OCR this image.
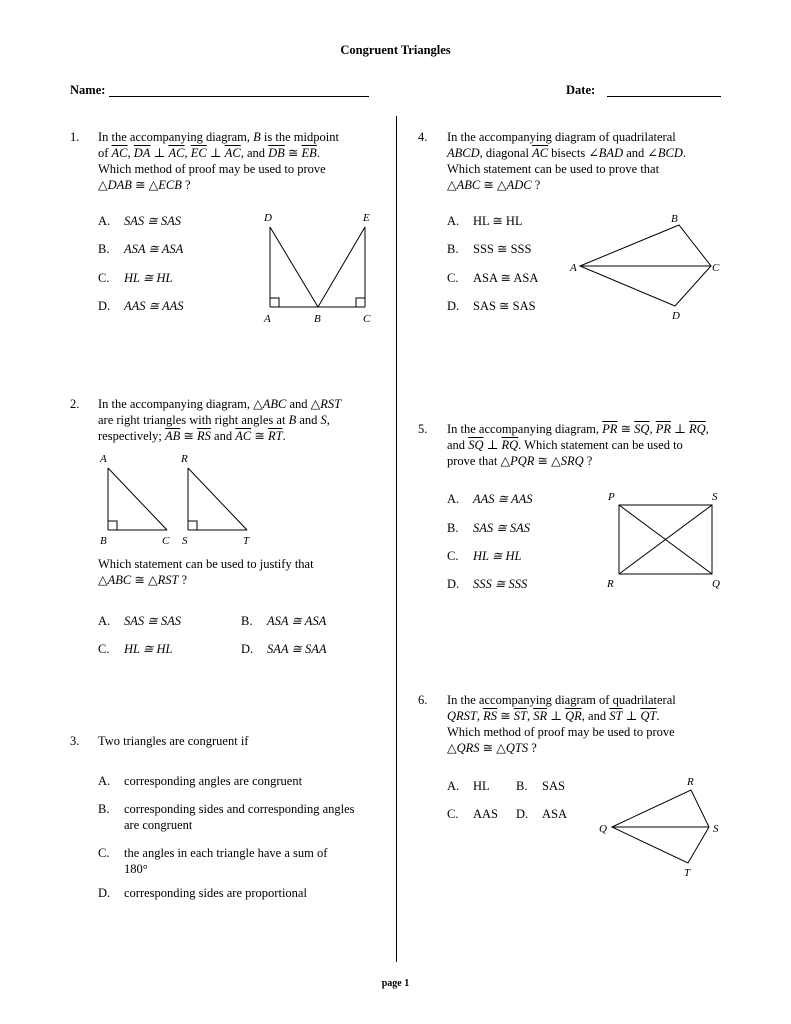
Congruent Triangles
Name:	Date:
1.	In the accompanying diagram, B is the midpoint
of $\overline{AC}$, $\overline{DA}$ ⊥ $\overline{AC}$, $\overline{EC}$ ⊥ $\overline{AC}$, and $\overline{DB}$ ≅ $\overline{EB}$.
Which method of proof may be used to prove
△DAB ≅ △ECB ?
A. SAS ≅ SAS
B. ASA ≅ ASA
C. HL ≅ HL
D. AAS ≅ AAS
D	E
A	B	C
2.	In the accompanying diagram, △ABC and △RST
are right triangles with right angles at B and S,
respectively; $\overline{AB}$ ≅ $\overline{RS}$ and $\overline{AC}$ ≅ $\overline{RT}$.
A	R
B	C S	T
Which statement can be used to justify that
△ABC ≅ △RST ?
A. SAS ≅ SAS	B. ASA ≅ ASA
C. HL ≅ HL	D. SAA ≅ SAA
3.	Two triangles are congruent if
A. corresponding angles are congruent
B. corresponding sides and corresponding angles
are congruent
C. the angles in each triangle have a sum of
180°
D. corresponding sides are proportional
4.	In the accompanying diagram of quadrilateral
ABCD, diagonal $\overline{AC}$ bisects ∠BAD and ∠BCD.
Which statement can be used to prove that
△ABC ≅ △ADC ?
A. HL ≅ HL
B. SSS ≅ SSS
C. ASA ≅ ASA
D. SAS ≅ SAS
A
B
C
D
5.	In the accompanying diagram, $\overline{PR}$ ≅ $\overline{SQ}$, $\overline{PR}$ ⊥ $\overline{RQ}$,
and $\overline{SQ}$ ⊥ $\overline{RQ}$. Which statement can be used to
prove that △PQR ≅ △SRQ ?
A. AAS ≅ AAS
B. SAS ≅ SAS
C. HL ≅ HL
D. SSS ≅ SSS
P	S
R	Q
6.	In the accompanying diagram of quadrilateral
QRST, $\overline{RS}$ ≅ $\overline{ST}$, $\overline{SR}$ ⊥ $\overline{QR}$, and $\overline{ST}$ ⊥ $\overline{QT}$.
Which method of proof may be used to prove
△QRS ≅ △QTS ?
A. HL B. SAS
C. AAS D. ASA
R
Q	S
T
page 1
